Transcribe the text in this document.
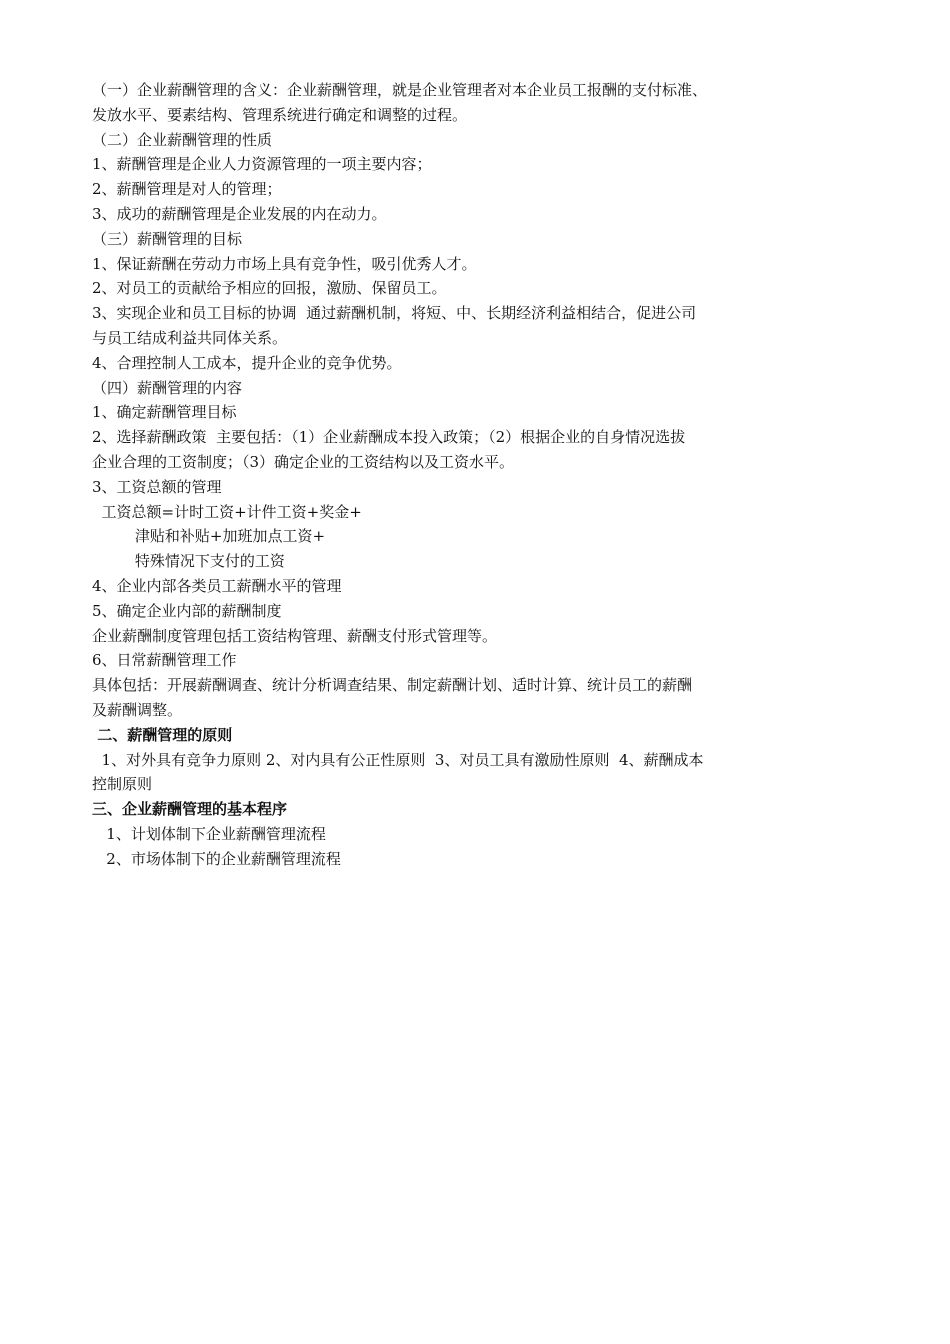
（一）企业薪酬管理的含义：企业薪酬管理，就是企业管理者对本企业员工报酬的支付标准、

发放水平、要素结构、管理系统进行确定和调整的过程。

（二）企业薪酬管理的性质

1、薪酬管理是企业人力资源管理的一项主要内容；

2、薪酬管理是对人的管理；

3、成功的薪酬管理是企业发展的内在动力。

（三）薪酬管理的目标

1、保证薪酬在劳动力市场上具有竞争性，吸引优秀人才。

2、对员工的贡献给予相应的回报，激励、保留员工。

3、实现企业和员工目标的协调  通过薪酬机制，将短、中、长期经济利益相结合，促进公司

与员工结成利益共同体关系。

4、合理控制人工成本，提升企业的竞争优势。

（四）薪酬管理的内容

1、确定薪酬管理目标

2、选择薪酬政策  主要包括：（1）企业薪酬成本投入政策；（2）根据企业的自身情况选拔

企业合理的工资制度；（3）确定企业的工资结构以及工资水平。

3、工资总额的管理

工资总额=计时工资+计件工资+奖金+

津贴和补贴+加班加点工资+

特殊情况下支付的工资

4、企业内部各类员工薪酬水平的管理

5、确定企业内部的薪酬制度

企业薪酬制度管理包括工资结构管理、薪酬支付形式管理等。

6、日常薪酬管理工作

具体包括：开展薪酬调查、统计分析调查结果、制定薪酬计划、适时计算、统计员工的薪酬

及薪酬调整。

二、薪酬管理的原则

1、对外具有竞争力原则 2、对内具有公正性原则  3、对员工具有激励性原则  4、薪酬成本

控制原则

三、企业薪酬管理的基本程序

1、计划体制下企业薪酬管理流程

2、市场体制下的企业薪酬管理流程
